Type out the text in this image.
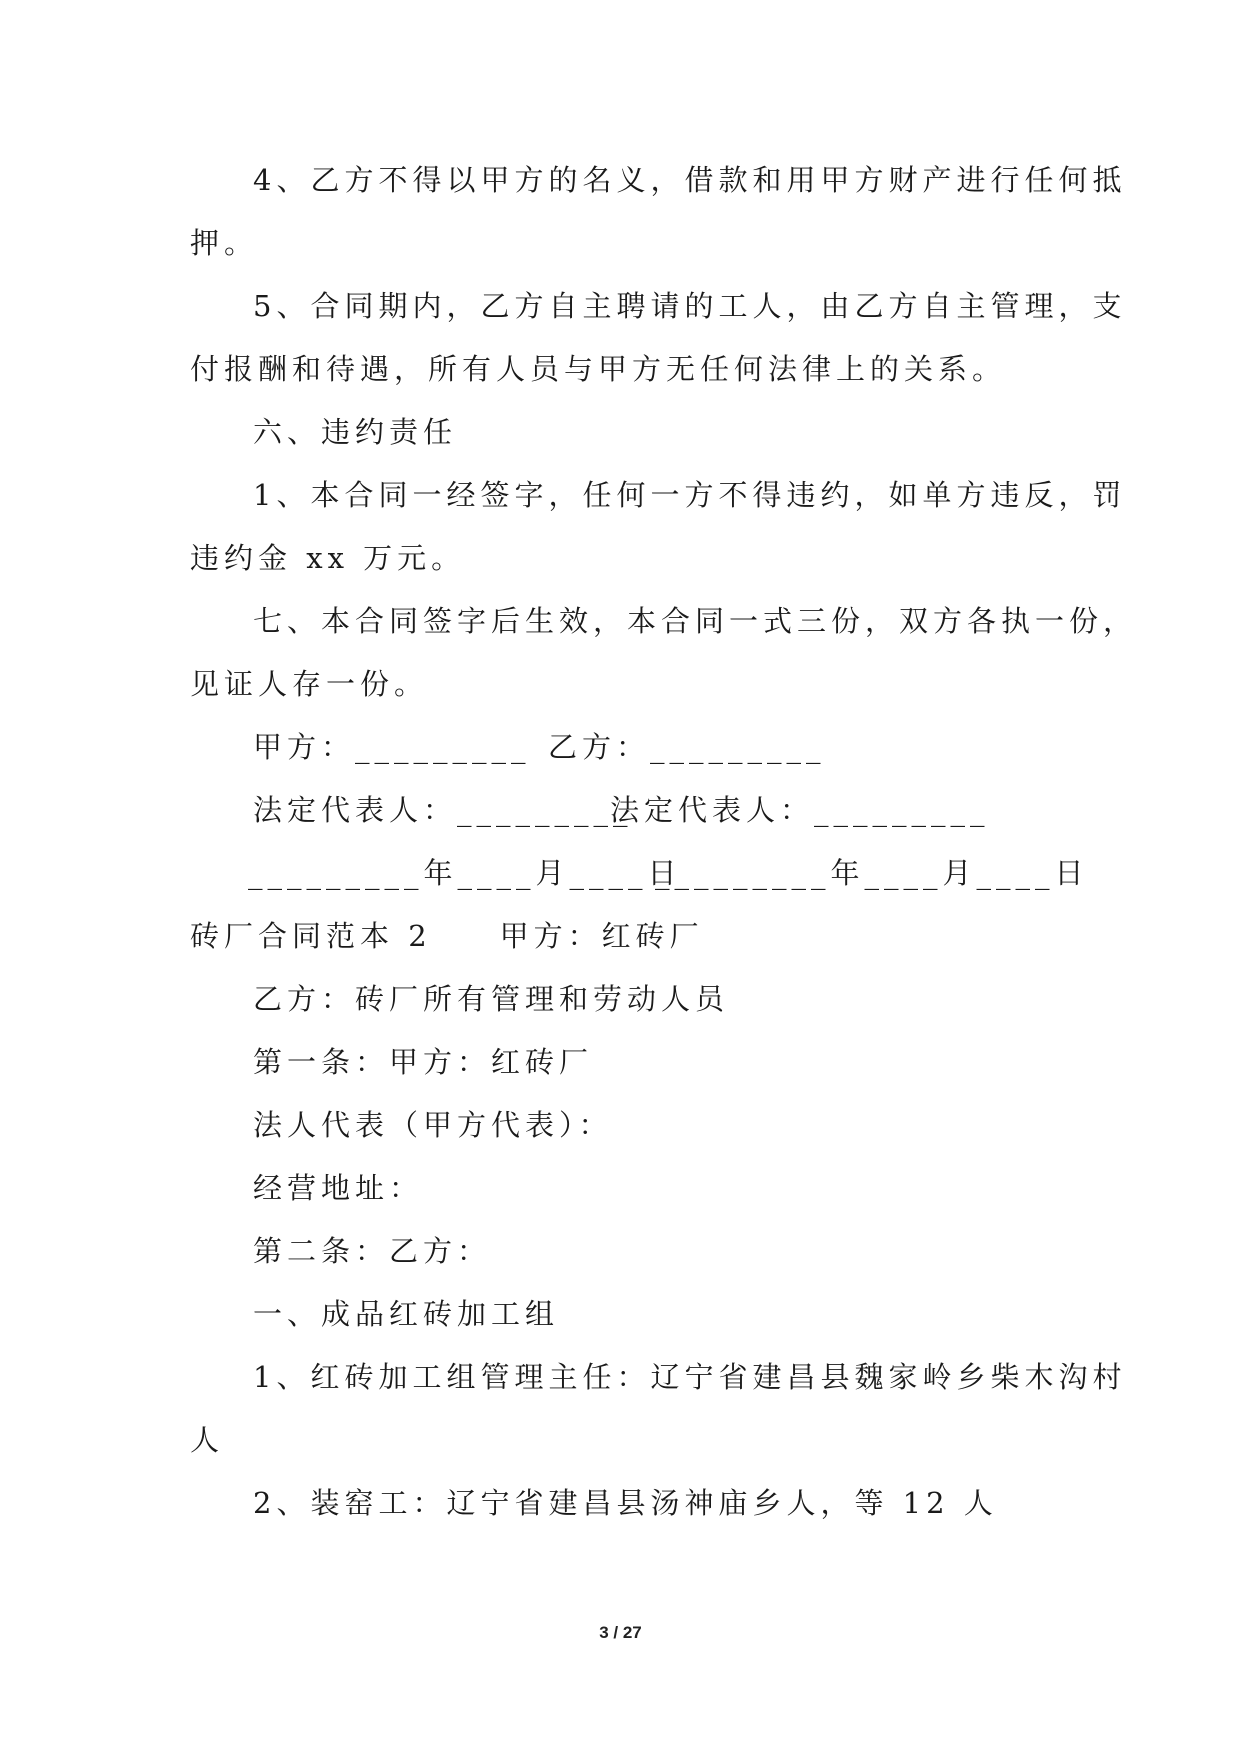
4、乙方不得以甲方的名义，借款和用甲方财产进行任何抵
押。
5、合同期内，乙方自主聘请的工人，由乙方自主管理，支
付报酬和待遇，所有人员与甲方无任何法律上的关系。
六、违约责任
1、本合同一经签字，任何一方不得违约，如单方违反，罚
违约金 xx 万元。
七、本合同签字后生效，本合同一式三份，双方各执一份，
见证人存一份。
甲方：_________ 乙方：_________
法定代表人：_________
法定代表人：_________
_________年____月____日
_________年____月____日
砖厂合同范本 2　　甲方：红砖厂
乙方：砖厂所有管理和劳动人员
第一条：甲方：红砖厂
法人代表（甲方代表）：
经营地址：
第二条：乙方：
一、成品红砖加工组
1、红砖加工组管理主任：辽宁省建昌县魏家岭乡柴木沟村
人
2、装窑工：辽宁省建昌县汤神庙乡人，等 12 人
3 / 27
